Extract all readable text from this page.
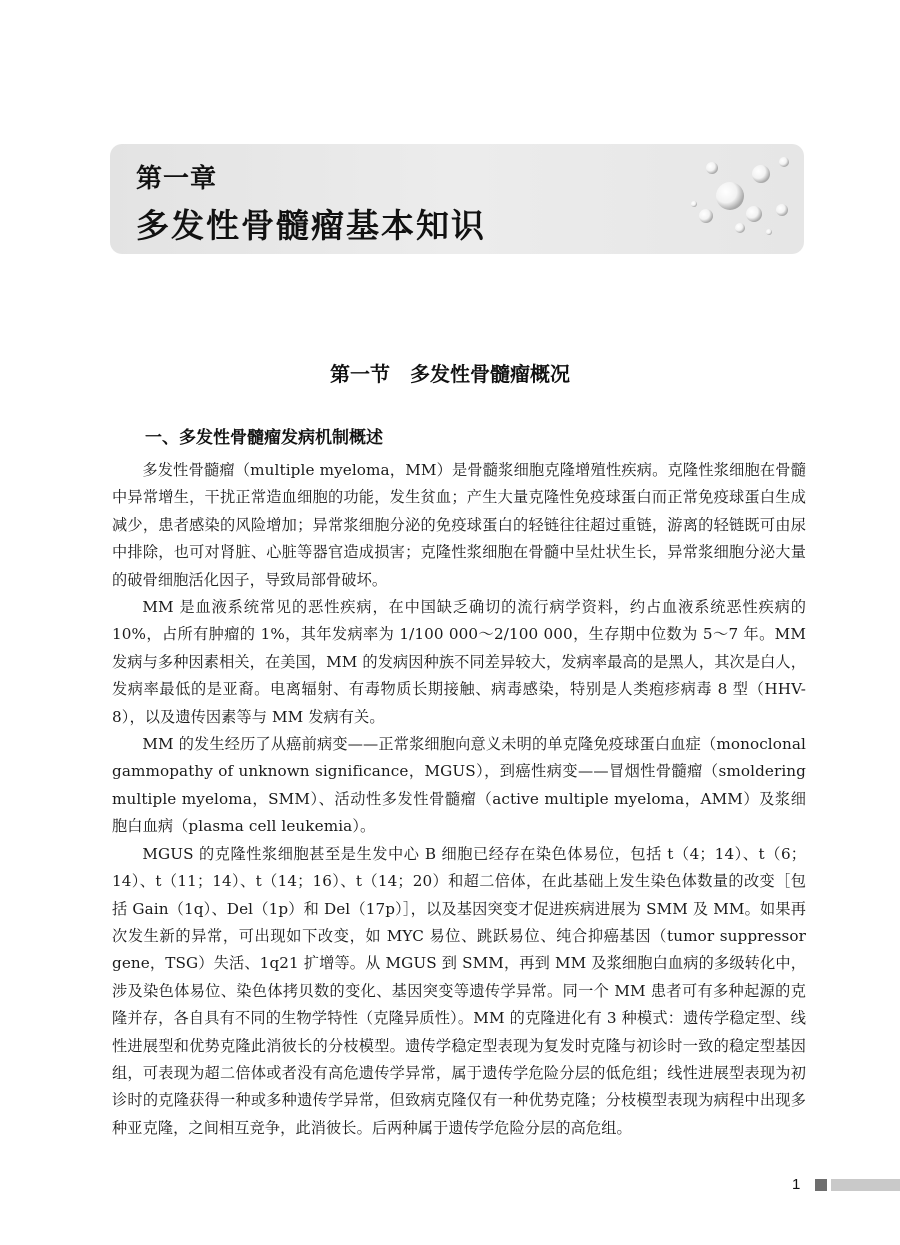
第一章
多发性骨髓瘤基本知识
第一节　多发性骨髓瘤概况
一、多发性骨髓瘤发病机制概述

多发性骨髓瘤（multiple myeloma，MM）是骨髓浆细胞克隆增殖性疾病。克隆性浆细胞在骨髓中异常增生，干扰正常造血细胞的功能，发生贫血；产生大量克隆性免疫球蛋白而正常免疫球蛋白生成减少，患者感染的风险增加；异常浆细胞分泌的免疫球蛋白的轻链往往超过重链，游离的轻链既可由尿中排除，也可对肾脏、心脏等器官造成损害；克隆性浆细胞在骨髓中呈灶状生长，异常浆细胞分泌大量的破骨细胞活化因子，导致局部骨破坏。

MM 是血液系统常见的恶性疾病，在中国缺乏确切的流行病学资料，约占血液系统恶性疾病的 10%，占所有肿瘤的 1%，其年发病率为 1/100 000～2/100 000，生存期中位数为 5～7 年。MM 发病与多种因素相关，在美国，MM 的发病因种族不同差异较大，发病率最高的是黑人，其次是白人，发病率最低的是亚裔。电离辐射、有毒物质长期接触、病毒感染，特别是人类疱疹病毒 8 型（HHV-8），以及遗传因素等与 MM 发病有关。

MM 的发生经历了从癌前病变——正常浆细胞向意义未明的单克隆免疫球蛋白血症（monoclonal gammopathy of unknown significance，MGUS），到癌性病变——冒烟性骨髓瘤（smoldering multiple myeloma，SMM）、活动性多发性骨髓瘤（active multiple myeloma，AMM）及浆细胞白血病（plasma cell leukemia）。

MGUS 的克隆性浆细胞甚至是生发中心 B 细胞已经存在染色体易位，包括 t（4；14）、t（6；14）、t（11；14）、t（14；16）、t（14；20）和超二倍体，在此基础上发生染色体数量的改变［包括 Gain（1q）、Del（1p）和 Del（17p）］，以及基因突变才促进疾病进展为 SMM 及 MM。如果再次发生新的异常，可出现如下改变，如 MYC 易位、跳跃易位、纯合抑癌基因（tumor suppressor gene，TSG）失活、1q21 扩增等。从 MGUS 到 SMM，再到 MM 及浆细胞白血病的多级转化中，涉及染色体易位、染色体拷贝数的变化、基因突变等遗传学异常。同一个 MM 患者可有多种起源的克隆并存，各自具有不同的生物学特性（克隆异质性）。MM 的克隆进化有 3 种模式：遗传学稳定型、线性进展型和优势克隆此消彼长的分枝模型。遗传学稳定型表现为复发时克隆与初诊时一致的稳定型基因组，可表现为超二倍体或者没有高危遗传学异常，属于遗传学危险分层的低危组；线性进展型表现为初诊时的克隆获得一种或多种遗传学异常，但致病克隆仅有一种优势克隆；分枝模型表现为病程中出现多种亚克隆，之间相互竞争，此消彼长。后两种属于遗传学危险分层的高危组。

1
